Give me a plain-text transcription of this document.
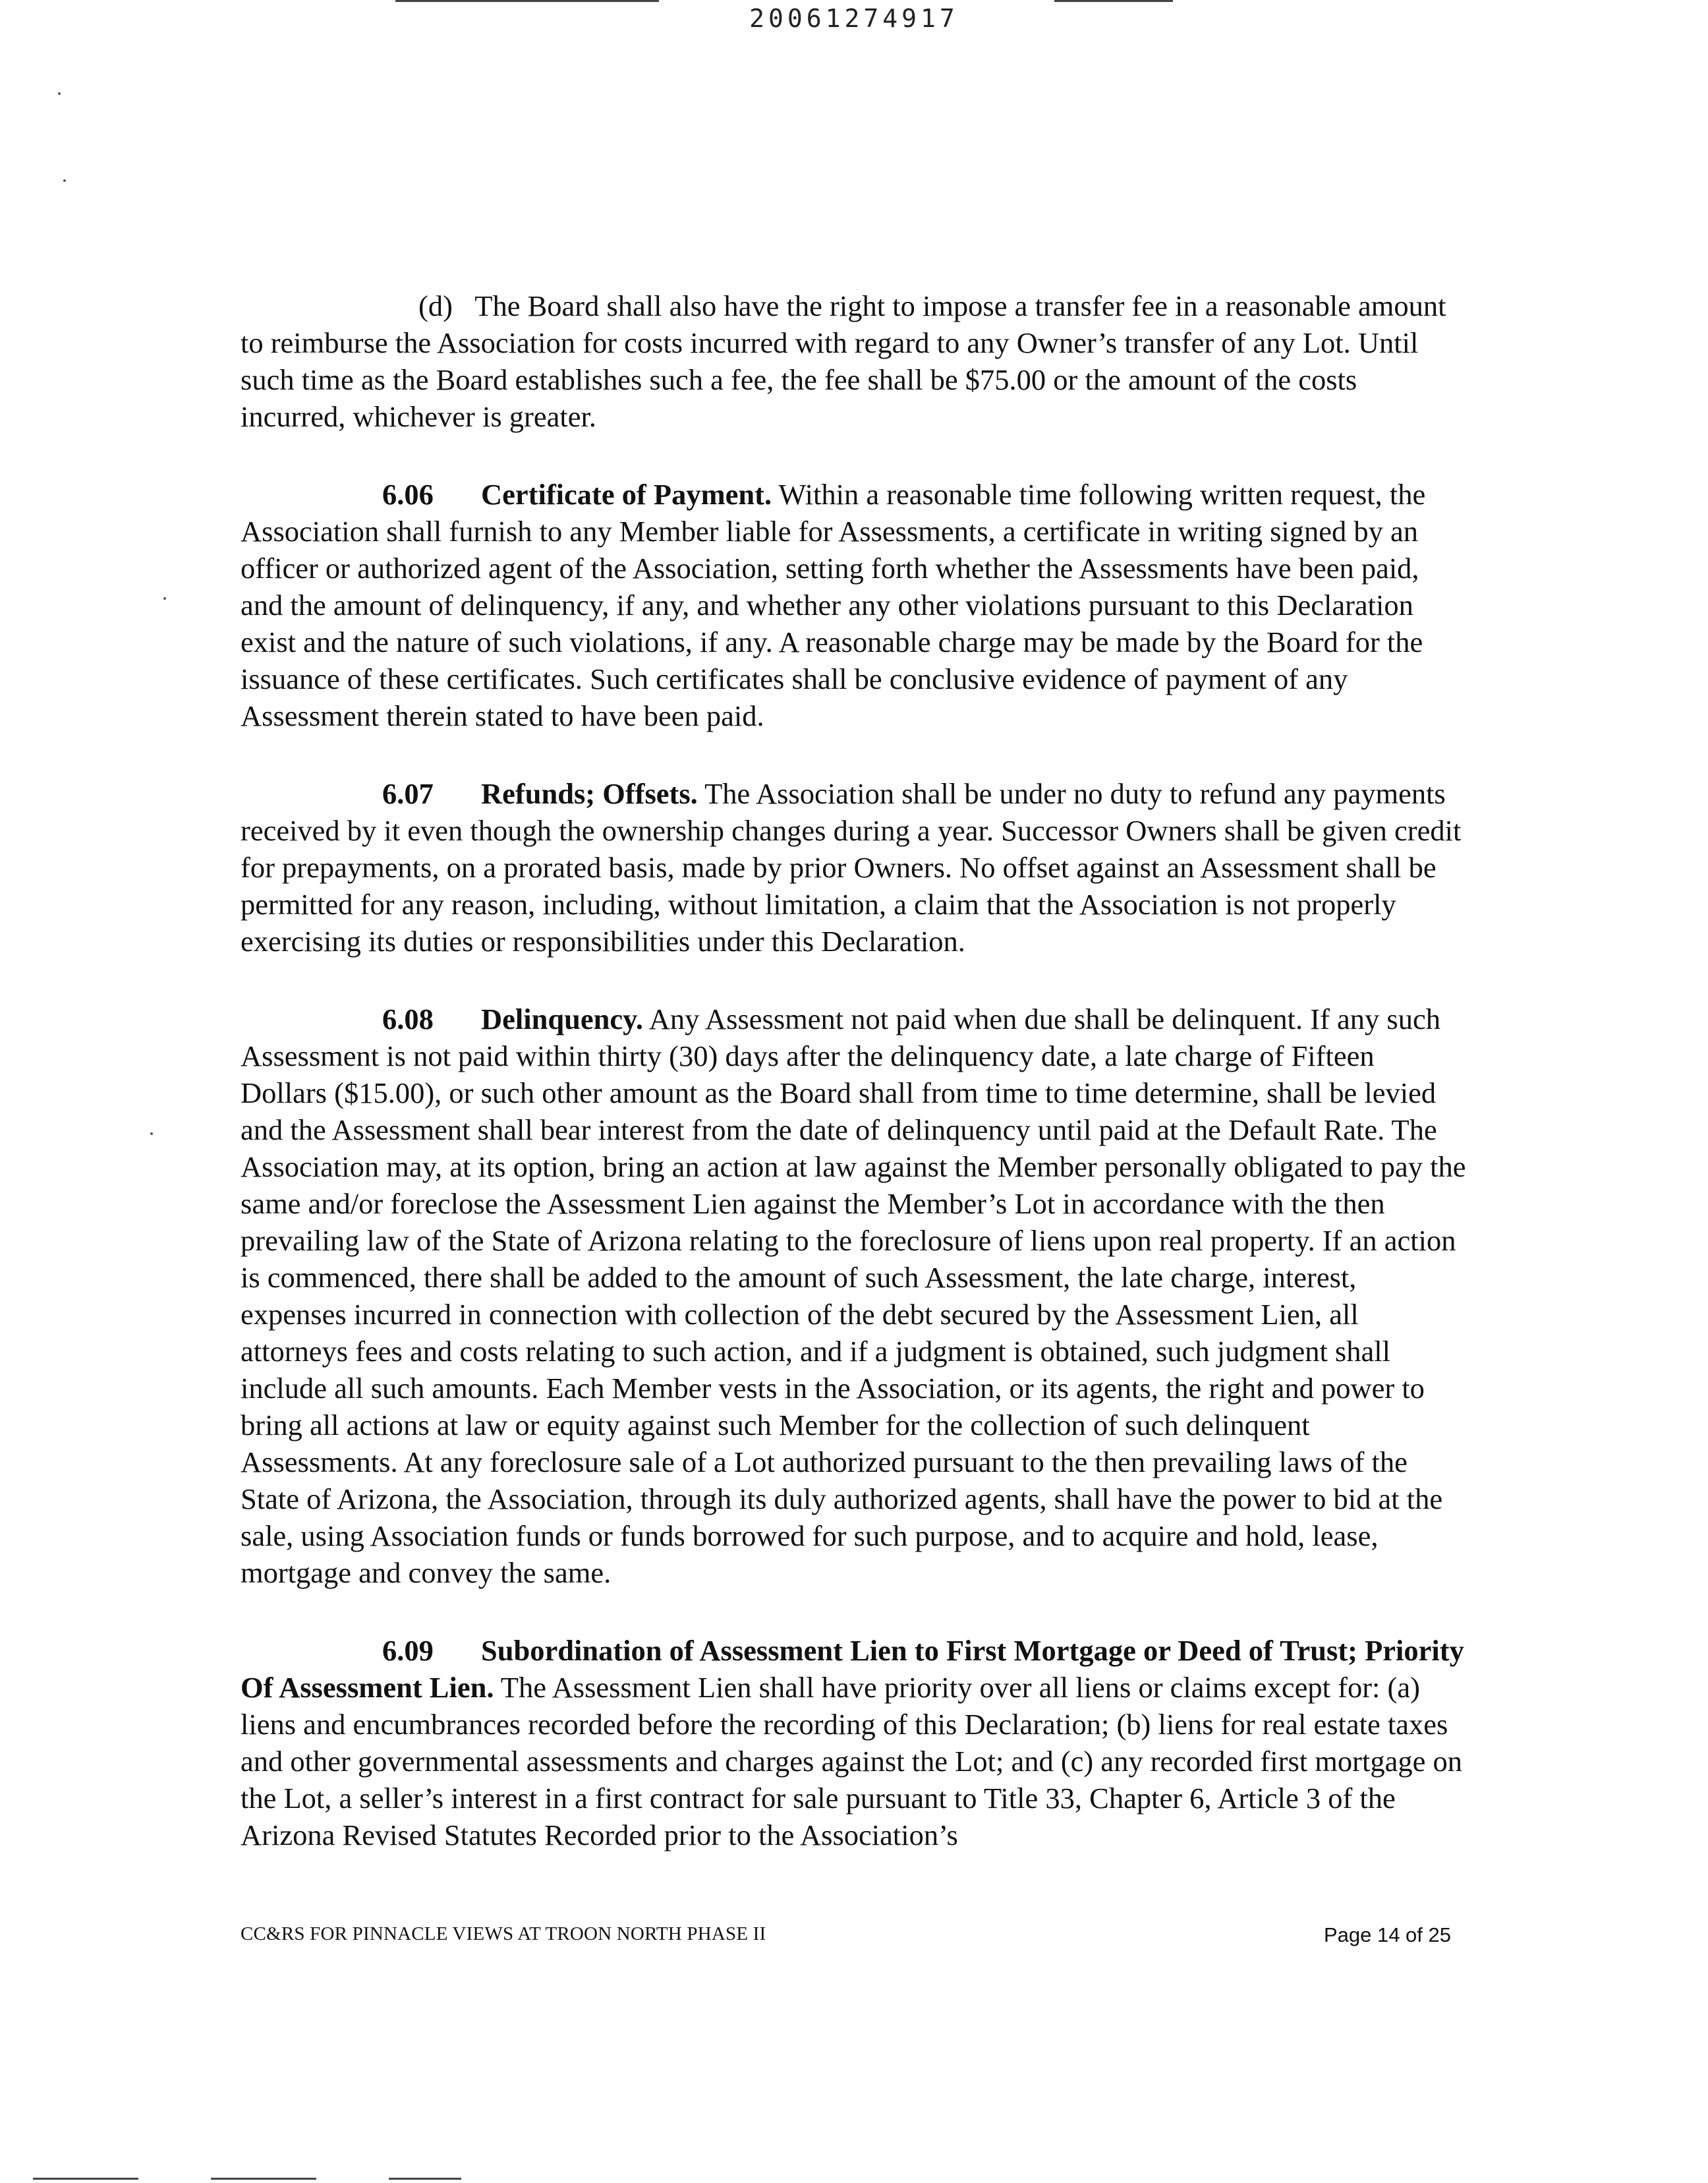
20061274917

(d) The Board shall also have the right to impose a transfer fee in a reasonable amount to reimburse the Association for costs incurred with regard to any Owner’s transfer of any Lot. Until such time as the Board establishes such a fee, the fee shall be $75.00 or the amount of the costs incurred, whichever is greater.

6.06 Certificate of Payment. Within a reasonable time following written request, the Association shall furnish to any Member liable for Assessments, a certificate in writing signed by an officer or authorized agent of the Association, setting forth whether the Assessments have been paid, and the amount of delinquency, if any, and whether any other violations pursuant to this Declaration exist and the nature of such violations, if any. A reasonable charge may be made by the Board for the issuance of these certificates. Such certificates shall be conclusive evidence of payment of any Assessment therein stated to have been paid.

6.07 Refunds; Offsets. The Association shall be under no duty to refund any payments received by it even though the ownership changes during a year. Successor Owners shall be given credit for prepayments, on a prorated basis, made by prior Owners. No offset against an Assessment shall be permitted for any reason, including, without limitation, a claim that the Association is not properly exercising its duties or responsibilities under this Declaration.

6.08 Delinquency. Any Assessment not paid when due shall be delinquent. If any such Assessment is not paid within thirty (30) days after the delinquency date, a late charge of Fifteen Dollars ($15.00), or such other amount as the Board shall from time to time determine, shall be levied and the Assessment shall bear interest from the date of delinquency until paid at the Default Rate. The Association may, at its option, bring an action at law against the Member personally obligated to pay the same and/or foreclose the Assessment Lien against the Member’s Lot in accordance with the then prevailing law of the State of Arizona relating to the foreclosure of liens upon real property. If an action is commenced, there shall be added to the amount of such Assessment, the late charge, interest, expenses incurred in connection with collection of the debt secured by the Assessment Lien, all attorneys fees and costs relating to such action, and if a judgment is obtained, such judgment shall include all such amounts. Each Member vests in the Association, or its agents, the right and power to bring all actions at law or equity against such Member for the collection of such delinquent Assessments. At any foreclosure sale of a Lot authorized pursuant to the then prevailing laws of the State of Arizona, the Association, through its duly authorized agents, shall have the power to bid at the sale, using Association funds or funds borrowed for such purpose, and to acquire and hold, lease, mortgage and convey the same.

6.09 Subordination of Assessment Lien to First Mortgage or Deed of Trust; Priority Of Assessment Lien. The Assessment Lien shall have priority over all liens or claims except for: (a) liens and encumbrances recorded before the recording of this Declaration; (b) liens for real estate taxes and other governmental assessments and charges against the Lot; and (c) any recorded first mortgage on the Lot, a seller’s interest in a first contract for sale pursuant to Title 33, Chapter 6, Article 3 of the Arizona Revised Statutes Recorded prior to the Association’s

CC&RS FOR PINNACLE VIEWS AT TROON NORTH PHASE II	Page 14 of 25
